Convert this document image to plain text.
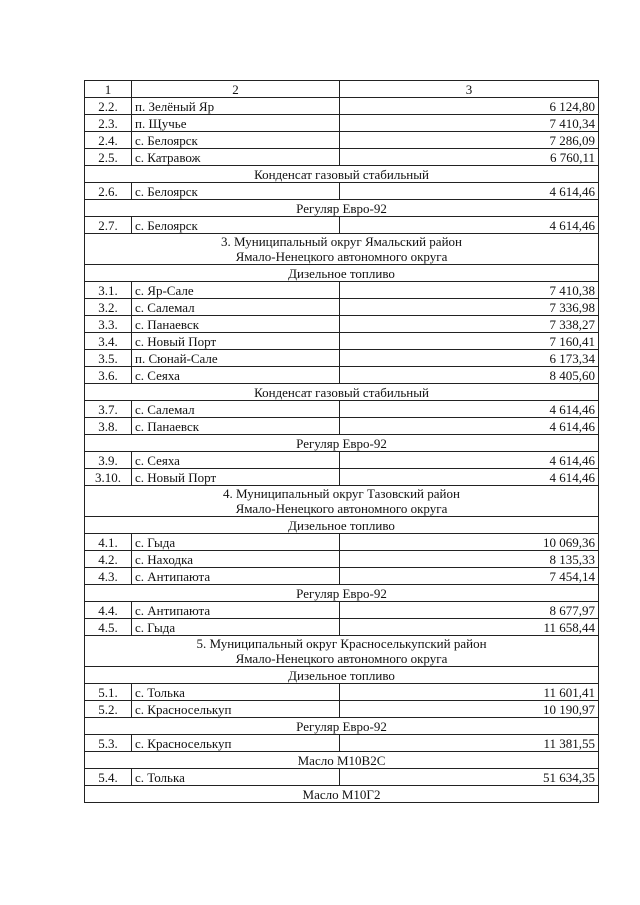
1	2	3
2.2.	п. Зелёный Яр	6 124,80
2.3.	п. Щучье	7 410,34
2.4.	с. Белоярск	7 286,09
2.5.	с. Катравож	6 760,11
Конденсат газовый стабильный		
2.6.	с. Белоярск	4 614,46
Регуляр Евро-92		
2.7.	с. Белоярск	4 614,46

3. Муниципальный округ Ямальский район
Ямало-Ненецкого автономного округа		

Дизельное топливо		
3.1.	с. Яр-Сале	7 410,38
3.2.	с. Салемал	7 336,98
3.3.	с. Панаевск	7 338,27
3.4.	с. Новый Порт	7 160,41
3.5.	п. Сюнай-Сале	6 173,34
3.6.	с. Сеяха	8 405,60
Конденсат газовый стабильный		
3.7.	с. Салемал	4 614,46
3.8.	с. Панаевск	4 614,46
Регуляр Евро-92		
3.9.	с. Сеяха	4 614,46
3.10.	с. Новый Порт	4 614,46

4. Муниципальный округ Тазовский район
Ямало-Ненецкого автономного округа		

Дизельное топливо		
4.1.	с. Гыда	10 069,36
4.2.	с. Находка	8 135,33
4.3.	с. Антипаюта	7 454,14
Регуляр Евро-92		
4.4.	с. Антипаюта	8 677,97
4.5.	с. Гыда	11 658,44

5. Муниципальный округ Красноселькупский район
Ямало-Ненецкого автономного округа		

Дизельное топливо		
5.1.	с. Толька	11 601,41
5.2.	с. Красноселькуп	10 190,97
Регуляр Евро-92		
5.3.	с. Красноселькуп	11 381,55
Масло М10В2С		
5.4.	с. Толька	51 634,35
Масло М10Г2		
